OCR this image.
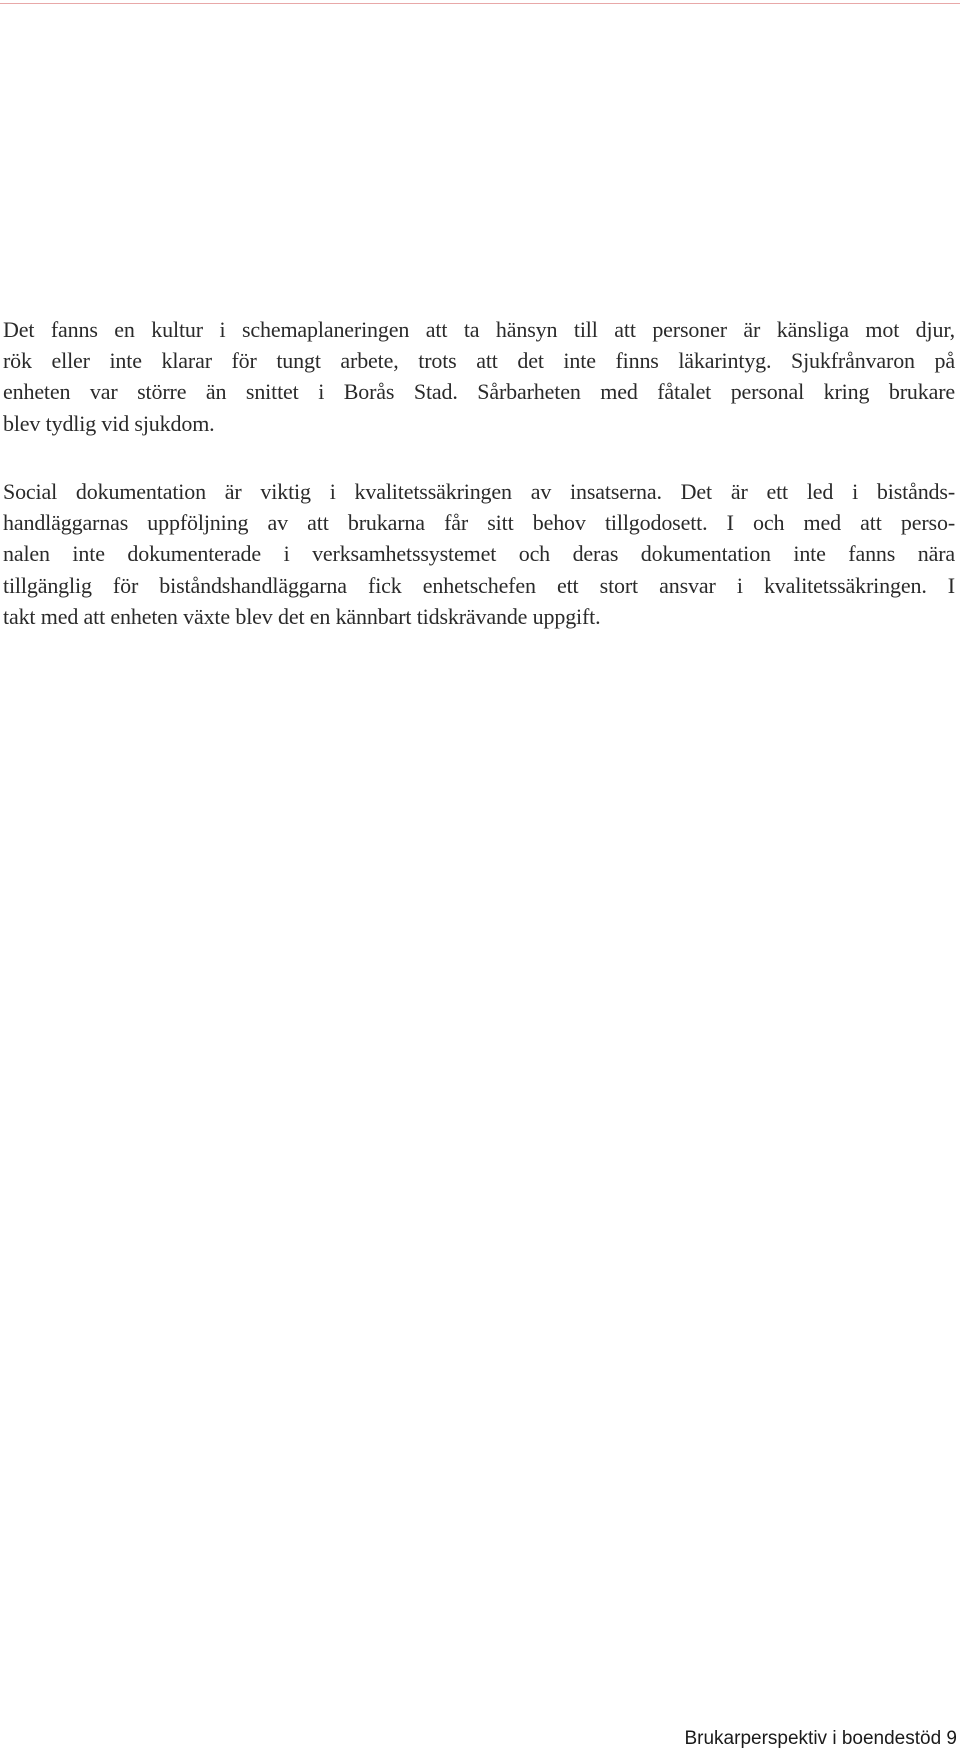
Det fanns en kultur i schemaplaneringen att ta hänsyn till att personer är känsliga mot djur,
rök eller inte klarar för tungt arbete, trots att det inte finns läkarintyg. Sjukfrånvaron på
enheten var större än snittet i Borås Stad. Sårbarheten med fåtalet personal kring brukare
blev tydlig vid sjukdom.
Social dokumentation är viktig i kvalitetssäkringen av insatserna. Det är ett led i bistånds-
handläggarnas uppföljning av att brukarna får sitt behov tillgodosett. I och med att perso-
nalen inte dokumenterade i verksamhetssystemet och deras dokumentation inte fanns nära
tillgänglig för biståndshandläggarna fick enhetschefen ett stort ansvar i kvalitetssäkringen. I
takt med att enheten växte blev det en kännbart tidskrävande uppgift.
Brukarperspektiv i boendestöd 9
